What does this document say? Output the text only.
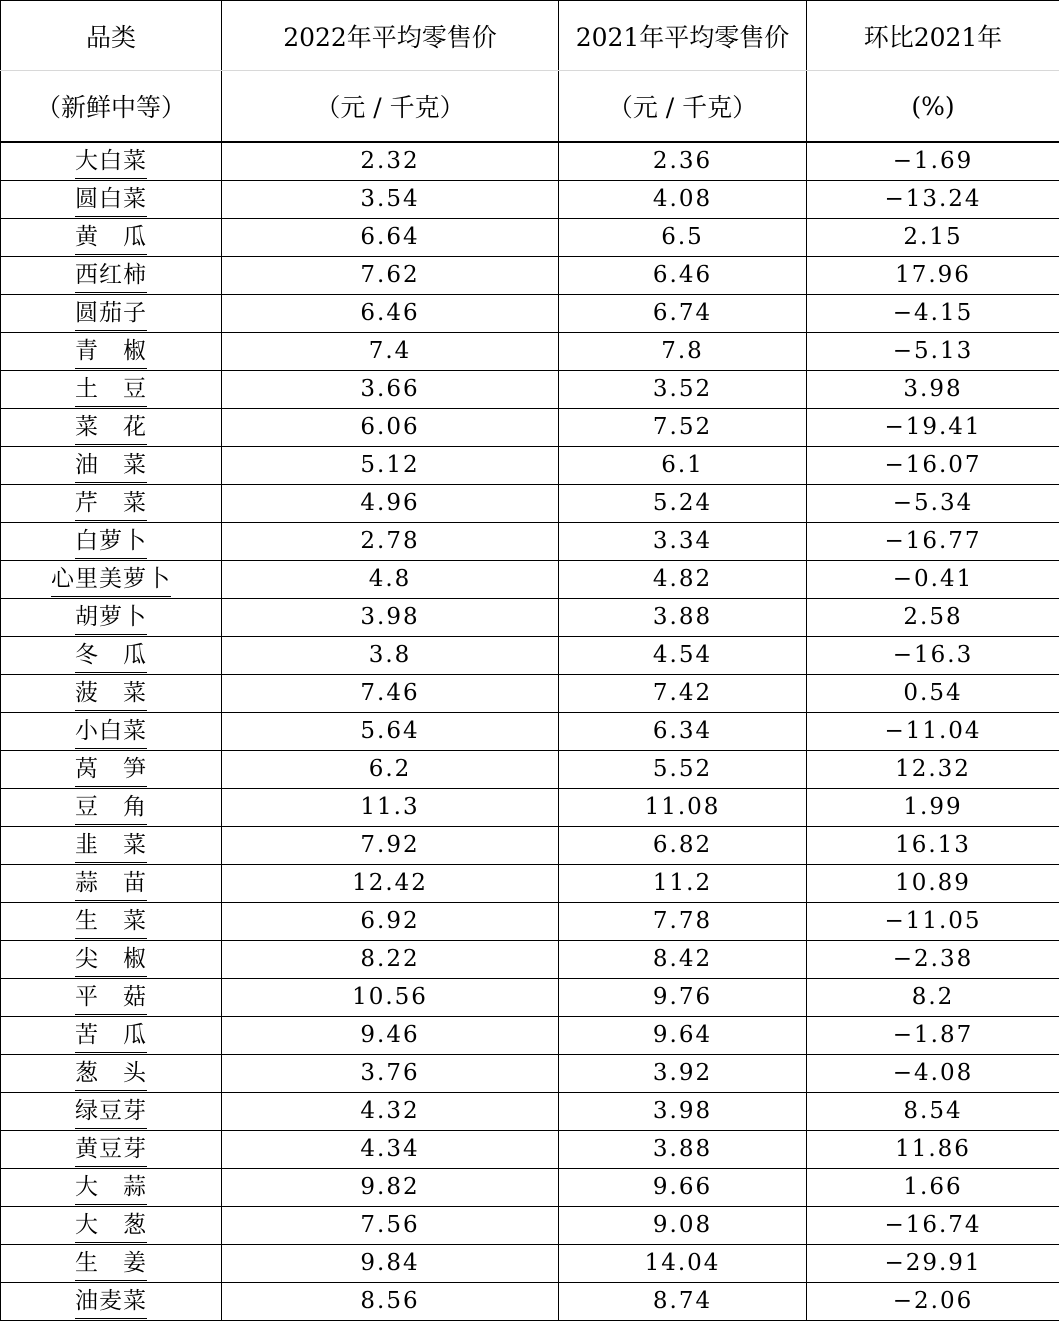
品类	2022年平均零售价	2021年平均零售价	环比2021年
（新鲜中等）	（元 / 千克）	（元 / 千克）	(%)
大白菜	2.32	2.36	−1.69
圆白菜	3.54	4.08	−13.24
黄　瓜	6.64	6.5	2.15
西红柿	7.62	6.46	17.96
圆茄子	6.46	6.74	−4.15
青　椒	7.4	7.8	−5.13
土　豆	3.66	3.52	3.98
菜　花	6.06	7.52	−19.41
油　菜	5.12	6.1	−16.07
芹　菜	4.96	5.24	−5.34
白萝卜	2.78	3.34	−16.77
心里美萝卜	4.8	4.82	−0.41
胡萝卜	3.98	3.88	2.58
冬　瓜	3.8	4.54	−16.3
菠　菜	7.46	7.42	0.54
小白菜	5.64	6.34	−11.04
莴　笋	6.2	5.52	12.32
豆　角	11.3	11.08	1.99
韭　菜	7.92	6.82	16.13
蒜　苗	12.42	11.2	10.89
生　菜	6.92	7.78	−11.05
尖　椒	8.22	8.42	−2.38
平　菇	10.56	9.76	8.2
苦　瓜	9.46	9.64	−1.87
葱　头	3.76	3.92	−4.08
绿豆芽	4.32	3.98	8.54
黄豆芽	4.34	3.88	11.86
大　蒜	9.82	9.66	1.66
大　葱	7.56	9.08	−16.74
生　姜	9.84	14.04	−29.91
油麦菜	8.56	8.74	−2.06
